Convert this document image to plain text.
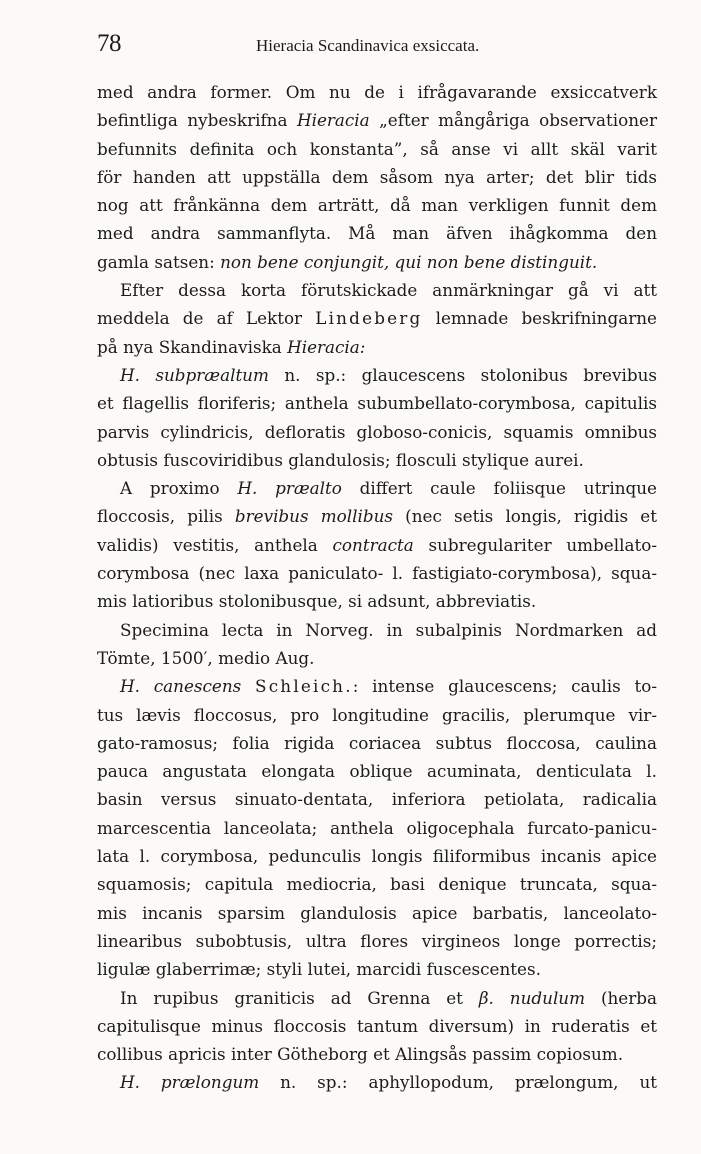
78	Hieracia Scandinavica exsiccata.
med andra former. Om nu de i ifrågavarande exsiccatverk
befintliga nybeskrifna Hieracia „efter mångåriga observationer
befunnits definita och konstanta”, så anse vi allt skäl varit
för handen att uppställa dem såsom nya arter; det blir tids
nog att frånkänna dem arträtt, då man verkligen funnit dem
med andra sammanflyta. Må man äfven ihågkomma den
gamla satsen: non bene conjungit, qui non bene distinguit.
Efter dessa korta förutskickade anmärkningar gå vi att
meddela de af Lektor Lindeberg lemnade beskrifningarne
på nya Skandinaviska Hieracia:
H. subpræaltum n. sp.: glaucescens stolonibus brevibus
et flagellis floriferis; anthela subumbellato-corymbosa, capitulis
parvis cylindricis, defloratis globoso-conicis, squamis omnibus
obtusis fuscoviridibus glandulosis; flosculi stylique aurei.
A proximo H. præalto differt caule foliisque utrinque
floccosis, pilis brevibus mollibus (nec setis longis, rigidis et
validis) vestitis, anthela contracta subregulariter umbellato-
corymbosa (nec laxa paniculato- l. fastigiato-corymbosa), squa-
mis latioribus stolonibusque, si adsunt, abbreviatis.
Specimina lecta in Norveg. in subalpinis Nordmarken ad
Tömte, 1500′, medio Aug.
H. canescens Schleich.: intense glaucescens; caulis to-
tus lævis floccosus, pro longitudine gracilis, plerumque vir-
gato-ramosus; folia rigida coriacea subtus floccosa, caulina
pauca angustata elongata oblique acuminata, denticulata l.
basin versus sinuato-dentata, inferiora petiolata, radicalia
marcescentia lanceolata; anthela oligocephala furcato-panicu-
lata l. corymbosa, pedunculis longis filiformibus incanis apice
squamosis; capitula mediocria, basi denique truncata, squa-
mis incanis sparsim glandulosis apice barbatis, lanceolato-
linearibus subobtusis, ultra flores virgineos longe porrectis;
ligulæ glaberrimæ; styli lutei, marcidi fuscescentes.
In rupibus graniticis ad Grenna et β. nudulum (herba
capitulisque minus floccosis tantum diversum) in ruderatis et
collibus apricis inter Götheborg et Alingsås passim copiosum.
H. prælongum n. sp.: aphyllopodum, prælongum, ut
